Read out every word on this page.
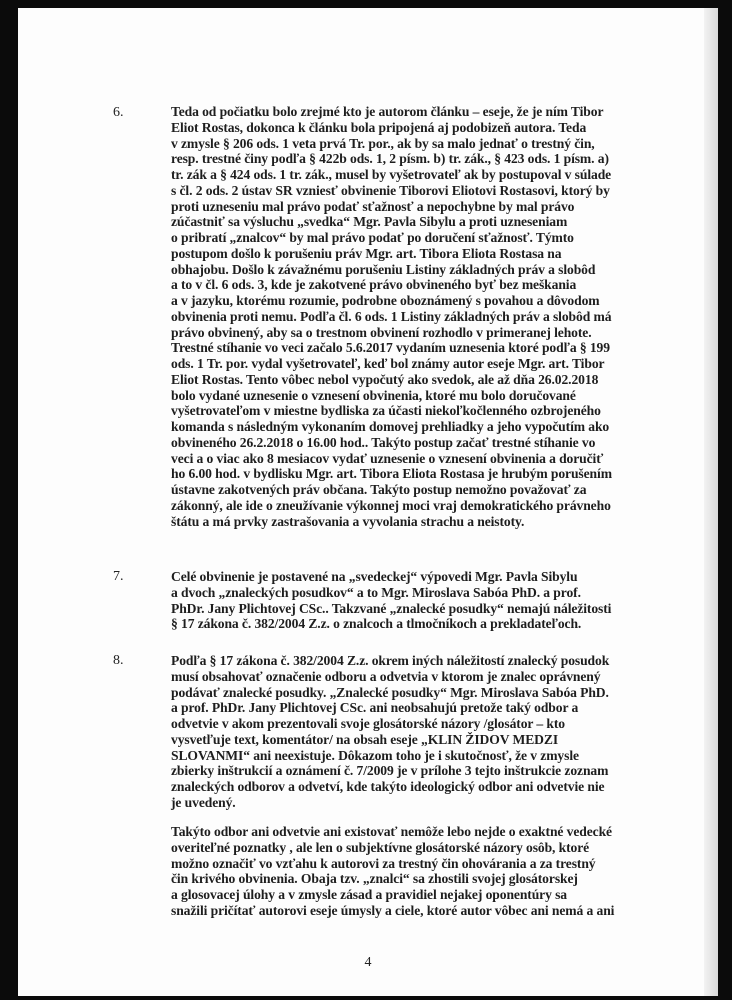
6.	Teda od počiatku bolo zrejmé kto je autorom článku – eseje, že je ním Tibor
Eliot Rostas, dokonca k článku bola pripojená aj podobizeň autora. Teda
v zmysle § 206 ods. 1 veta prvá Tr. por., ak by sa malo jednať o trestný čin,
resp. trestné činy podľa § 422b ods. 1, 2 písm. b) tr. zák., § 423 ods. 1 písm. a)
tr. zák a § 424 ods. 1 tr. zák., musel by vyšetrovateľ ak by postupoval v súlade
s čl. 2 ods. 2 ústav SR vzniesť obvinenie Tiborovi Eliotovi Rostasovi, ktorý by
proti uzneseniu mal právo podať sťažnosť a nepochybne by mal právo
zúčastniť sa výsluchu „svedka“ Mgr. Pavla Sibylu a proti uzneseniam
o pribratí „znalcov“ by mal právo podať po doručení sťažnosť. Týmto
postupom došlo k porušeniu práv Mgr. art. Tibora Eliota Rostasa na
obhajobu. Došlo k závažnému porušeniu Listiny základných práv a slobôd
a to v čl. 6 ods. 3, kde je zakotvené právo obvineného byť bez meškania
a v jazyku, ktorému rozumie, podrobne oboznámený s povahou a dôvodom
obvinenia proti nemu. Podľa čl. 6 ods. 1 Listiny základných práv a slobôd má
právo obvinený, aby sa o trestnom obvinení rozhodlo v primeranej lehote.
Trestné stíhanie vo veci začalo 5.6.2017 vydaním uznesenia ktoré podľa § 199
ods. 1 Tr. por. vydal vyšetrovateľ, keď bol známy autor eseje Mgr. art. Tibor
Eliot Rostas. Tento vôbec nebol vypočutý ako svedok, ale až dňa 26.02.2018
bolo vydané uznesenie o vznesení obvinenia, ktoré mu bolo doručované
vyšetrovateľom v miestne bydliska za účasti niekoľkočlenného ozbrojeného
komanda s následným vykonaním domovej prehliadky a jeho vypočutím ako
obvineného 26.2.2018 o 16.00 hod.. Takýto postup začať trestné stíhanie vo
veci a o viac ako 8 mesiacov vydať uznesenie o vznesení obvinenia a doručiť
ho 6.00 hod. v bydlisku Mgr. art. Tibora Eliota Rostasa je hrubým porušením
ústavne zakotvených práv občana. Takýto postup nemožno považovať za
zákonný, ale ide o zneužívanie výkonnej moci vraj demokratického právneho
štátu a má prvky zastrašovania a vyvolania strachu a neistoty.
7.	Celé obvinenie je postavené na „svedeckej“ výpovedi Mgr. Pavla Sibylu
a dvoch „znaleckých posudkov“ a to Mgr. Miroslava Sabóa PhD. a prof.
PhDr. Jany Plichtovej CSc.. Takzvané „znalecké posudky“ nemajú náležitosti
§ 17 zákona č. 382/2004 Z.z. o znalcoch a tlmočníkoch a prekladateľoch.
8.	Podľa § 17 zákona č. 382/2004 Z.z. okrem iných náležitostí znalecký posudok
musí obsahovať označenie odboru a odvetvia v ktorom je znalec oprávnený
podávať znalecké posudky. „Znalecké posudky“ Mgr. Miroslava Sabóa PhD.
a prof. PhDr. Jany Plichtovej CSc. ani neobsahujú pretože taký odbor a
odvetvie v akom prezentovali svoje glosátorské názory /glosátor – kto
vysvetľuje text, komentátor/ na obsah eseje „KLIN ŽIDOV MEDZI
SLOVANMI“ ani neexistuje. Dôkazom toho je i skutočnosť, že v zmysle
zbierky inštrukcií a oznámení č. 7/2009 je v prílohe 3 tejto inštrukcie zoznam
znaleckých odborov a odvetví, kde takýto ideologický odbor ani odvetvie nie
je uvedený.
Takýto odbor ani odvetvie ani existovať nemôže lebo nejde o exaktné vedecké
overiteľné poznatky , ale len o subjektívne glosátorské názory osôb, ktoré
možno označiť vo vzťahu k autorovi za trestný čin ohovárania a za trestný
čin krivého obvinenia. Obaja tzv. „znalci“ sa zhostili svojej glosátorskej
a glosovacej úlohy a v zmysle zásad a pravidiel nejakej oponentúry sa
snažili pričítať autorovi eseje úmysly a ciele, ktoré autor vôbec ani nemá a ani
4
